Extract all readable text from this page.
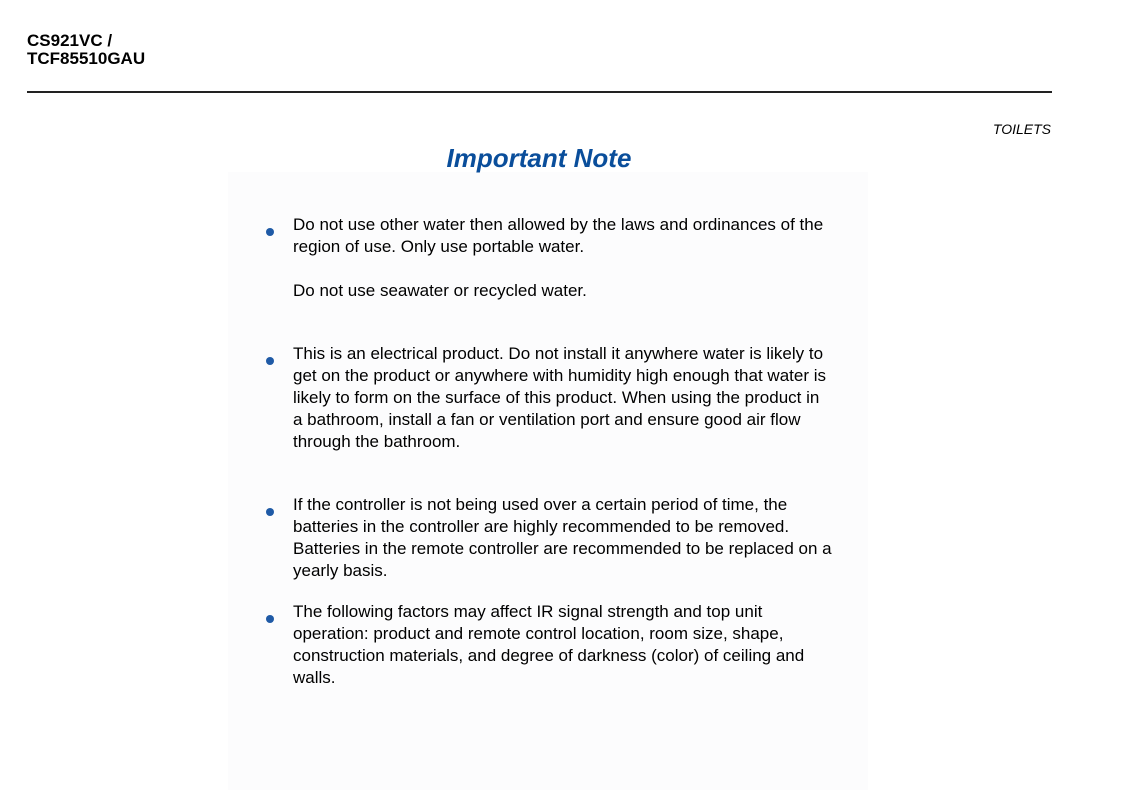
CS921VC /
TCF85510GAU
TOILETS
Important Note

Do not use other water then allowed by the laws and ordinances of the region of use. Only use portable water.

Do not use seawater or recycled water.

This is an electrical product. Do not install it anywhere water is likely to get on the product or anywhere with humidity high enough that water is likely to form on the surface of this product. When using the product in a bathroom, install a fan or ventilation port and ensure good air flow through the bathroom.

If the controller is not being used over a certain period of time, the batteries in the controller are highly recommended to be removed. Batteries in the remote controller are recommended to be replaced on a yearly basis.

The following factors may affect IR signal strength and top unit operation: product and remote control location, room size, shape, construction materials, and degree of darkness (color) of ceiling and walls.
